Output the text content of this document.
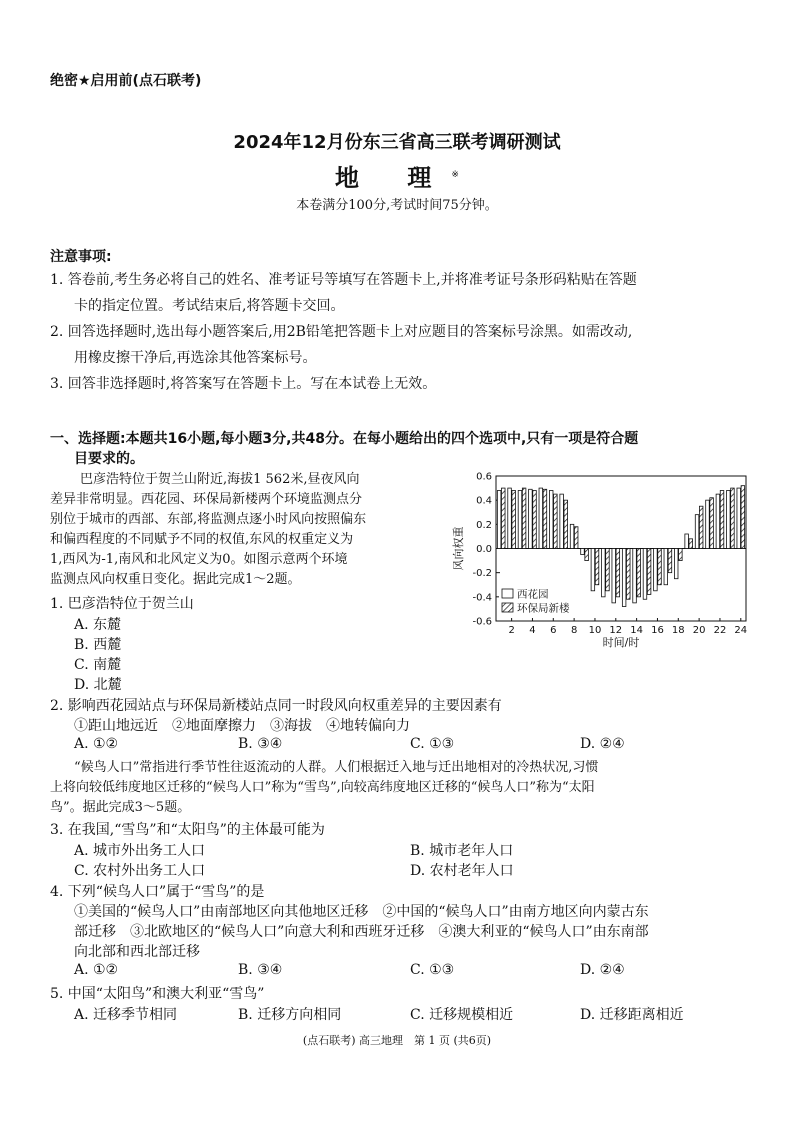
绝密★启用前(点石联考)
2024年12月份东三省高三联考调研测试
地 理※
本卷满分100分,考试时间75分钟。
注意事项:
1. 答卷前,考生务必将自己的姓名、准考证号等填写在答题卡上,并将准考证号条形码粘贴在答题
卡的指定位置。考试结束后,将答题卡交回。
2. 回答选择题时,选出每小题答案后,用2B铅笔把答题卡上对应题目的答案标号涂黑。如需改动,
用橡皮擦干净后,再选涂其他答案标号。
3. 回答非选择题时,将答案写在答题卡上。写在本试卷上无效。
一、选择题:本题共16小题,每小题3分,共48分。在每小题给出的四个选项中,只有一项是符合题
目要求的。
巴彦浩特位于贺兰山附近,海拔1 562米,昼夜风向
差异非常明显。西花园、环保局新楼两个环境监测点分
别位于城市的西部、东部,将监测点逐小时风向按照偏东
和偏西程度的不同赋予不同的权值,东风的权重定义为
1,西风为-1,南风和北风定义为0。如图示意两个环境
监测点风向权重日变化。据此完成1～2题。
1. 巴彦浩特位于贺兰山
A. 东麓
B. 西麓
C. 南麓
D. 北麓
0.6
0.4
0.2
0.0
-0.2
-0.4
-0.6
2 4 6 8 10 12 14 16 18 20 22 24
时间/时
风向权重
西花园
环保局新楼
2. 影响西花园站点与环保局新楼站点同一时段风向权重差异的主要因素有
①距山地远近　②地面摩擦力　③海拔　④地转偏向力
A. ①②	B. ③④	C. ①③	D. ②④
“候鸟人口”常指进行季节性往返流动的人群。人们根据迁入地与迁出地相对的冷热状况,习惯
上将向较低纬度地区迁移的“候鸟人口”称为“雪鸟”,向较高纬度地区迁移的“候鸟人口”称为“太阳
鸟”。据此完成3～5题。
3. 在我国,“雪鸟”和“太阳鸟”的主体最可能为
A. 城市外出务工人口	B. 城市老年人口
C. 农村外出务工人口	D. 农村老年人口
4. 下列“候鸟人口”属于“雪鸟”的是
①美国的“候鸟人口”由南部地区向其他地区迁移　②中国的“候鸟人口”由南方地区向内蒙古东
部迁移　③北欧地区的“候鸟人口”向意大利和西班牙迁移　④澳大利亚的“候鸟人口”由东南部
向北部和西北部迁移
A. ①②	B. ③④	C. ①③	D. ②④
5. 中国“太阳鸟”和澳大利亚“雪鸟”
A. 迁移季节相同	B. 迁移方向相同	C. 迁移规模相近	D. 迁移距离相近
(点石联考) 高三地理　第 1 页 (共6页)
